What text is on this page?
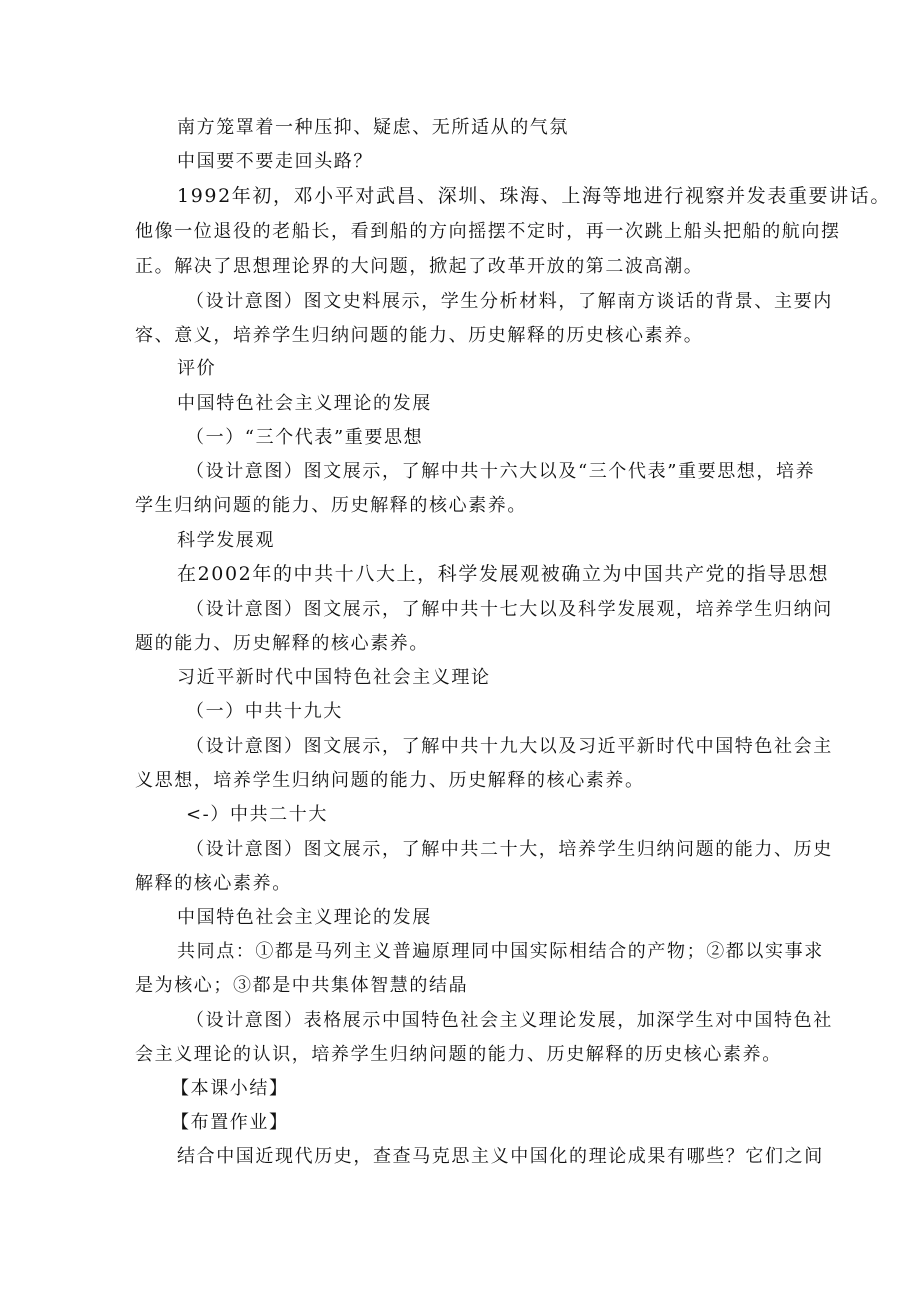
南方笼罩着一种压抑、疑虑、无所适从的气氛

中国要不要走回头路？

1992年初，邓小平对武昌、深圳、珠海、上海等地进行视察并发表重要讲话。

他像一位退役的老船长，看到船的方向摇摆不定时，再一次跳上船头把船的航向摆

正。解决了思想理论界的大问题，掀起了改革开放的第二波高潮。

（设计意图）图文史料展示，学生分析材料，了解南方谈话的背景、主要内

容、意义，培养学生归纳问题的能力、历史解释的历史核心素养。

评价

中国特色社会主义理论的发展

（一）“三个代表”重要思想

（设计意图）图文展示，了解中共十六大以及“三个代表”重要思想，培养

学生归纳问题的能力、历史解释的核心素养。

科学发展观

在2002年的中共十八大上，科学发展观被确立为中国共产党的指导思想

（设计意图）图文展示，了解中共十七大以及科学发展观，培养学生归纳问

题的能力、历史解释的核心素养。

习近平新时代中国特色社会主义理论

（一）中共十九大

（设计意图）图文展示，了解中共十九大以及习近平新时代中国特色社会主

义思想，培养学生归纳问题的能力、历史解释的核心素养。

<-）中共二十大

（设计意图）图文展示，了解中共二十大，培养学生归纳问题的能力、历史

解释的核心素养。

中国特色社会主义理论的发展

共同点：①都是马列主义普遍原理同中国实际相结合的产物；②都以实事求

是为核心；③都是中共集体智慧的结晶

（设计意图）表格展示中国特色社会主义理论发展，加深学生对中国特色社

会主义理论的认识，培养学生归纳问题的能力、历史解释的历史核心素养。

【本课小结】

【布置作业】

结合中国近现代历史，查查马克思主义中国化的理论成果有哪些？它们之间
